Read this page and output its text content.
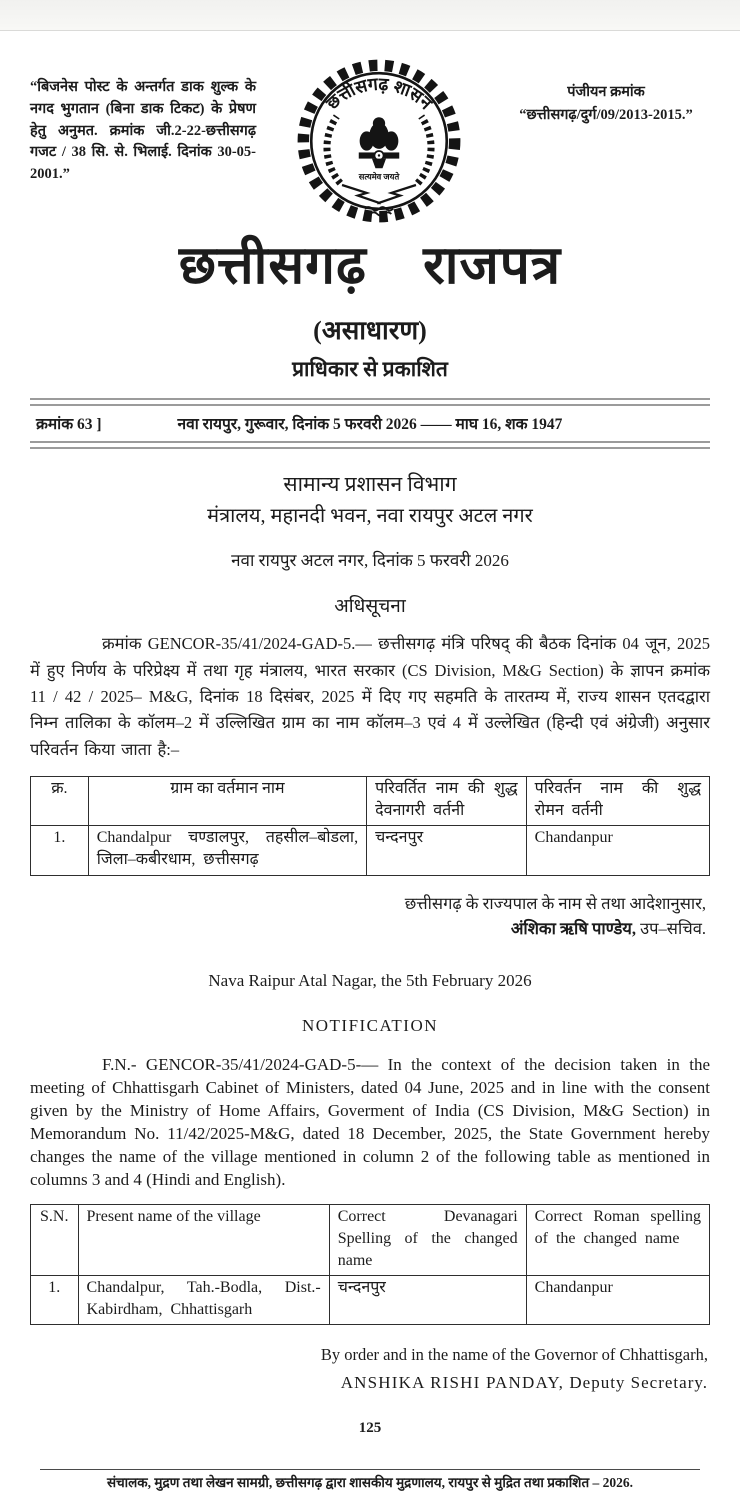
“बिजनेस पोस्ट के अन्तर्गत डाक शुल्क के नगद भुगतान (बिना डाक टिकट) के प्रेषण हेतु अनुमत. क्रमांक जी.2-22-छत्तीसगढ़ गजट / 38 सि. से. भिलाई. दिनांक 30-05-2001.”
छत्तीसगढ़ शासन
सत्यमेव जयते
पंजीयन क्रमांक
“छत्तीसगढ़/दुर्ग/09/2013-2015.”
छत्तीसगढ़ राजपत्र
(असाधारण)
प्राधिकार से प्रकाशित
क्रमांक 63 ]	नवा रायपुर, गुरूवार, दिनांक 5 फरवरी 2026 —— माघ 16, शक 1947
सामान्य प्रशासन विभाग
मंत्रालय, महानदी भवन, नवा रायपुर अटल नगर
नवा रायपुर अटल नगर, दिनांक 5 फरवरी 2026
अधिसूचना
क्रमांक GENCOR-35/41/2024-GAD-5.— छत्तीसगढ़ मंत्रि परिषद् की बैठक दिनांक 04 जून, 2025 में हुए निर्णय के परिप्रेक्ष्य में तथा गृह मंत्रालय, भारत सरकार (CS Division, M&G Section) के ज्ञापन क्रमांक 11 / 42 / 2025– M&G, दिनांक 18 दिसंबर, 2025 में दिए गए सहमति के तारतम्य में, राज्य शासन एतदद्वारा निम्न तालिका के कॉलम–2 में उल्लिखित ग्राम का नाम कॉलम–3 एवं 4 में उल्लेखित (हिन्दी एवं अंग्रेजी) अनुसार परिवर्तन किया जाता है:–
क्र.	ग्राम का वर्तमान नाम	परिवर्तित नाम की शुद्ध देवनागरी वर्तनी	परिवर्तन नाम की शुद्ध रोमन वर्तनी
1.	Chandalpur चण्डालपुर, तहसील–बोडला, जिला–कबीरधाम, छत्तीसगढ़	चन्दनपुर	Chandanpur
छत्तीसगढ़ के राज्यपाल के नाम से तथा आदेशानुसार,
अंशिका ऋषि पाण्डेय, उप–सचिव.
Nava Raipur Atal Nagar, the 5th February 2026
NOTIFICATION
F.N.- GENCOR-35/41/2024-GAD-5-— In the context of the decision taken in the meeting of Chhattisgarh Cabinet of Ministers, dated 04 June, 2025 and in line with the consent given by the Ministry of Home Affairs, Goverment of India (CS Division, M&G Section) in Memorandum No. 11/42/2025-M&G, dated 18 December, 2025, the State Government hereby changes the name of the village mentioned in column 2 of the following table as mentioned in columns 3 and 4 (Hindi and English).
S.N.	Present name of the village	Correct Devanagari Spelling of the changed name	Correct Roman spelling of the changed name
1.	Chandalpur, Tah.-Bodla, Dist.-Kabirdham, Chhattisgarh	चन्दनपुर	Chandanpur
By order and in the name of the Governor of Chhattisgarh,
ANSHIKA RISHI PANDAY, Deputy Secretary.
125
संचालक, मुद्रण तथा लेखन सामग्री, छत्तीसगढ़ द्वारा शासकीय मुद्रणालय, रायपुर से मुद्रित तथा प्रकाशित – 2026.
